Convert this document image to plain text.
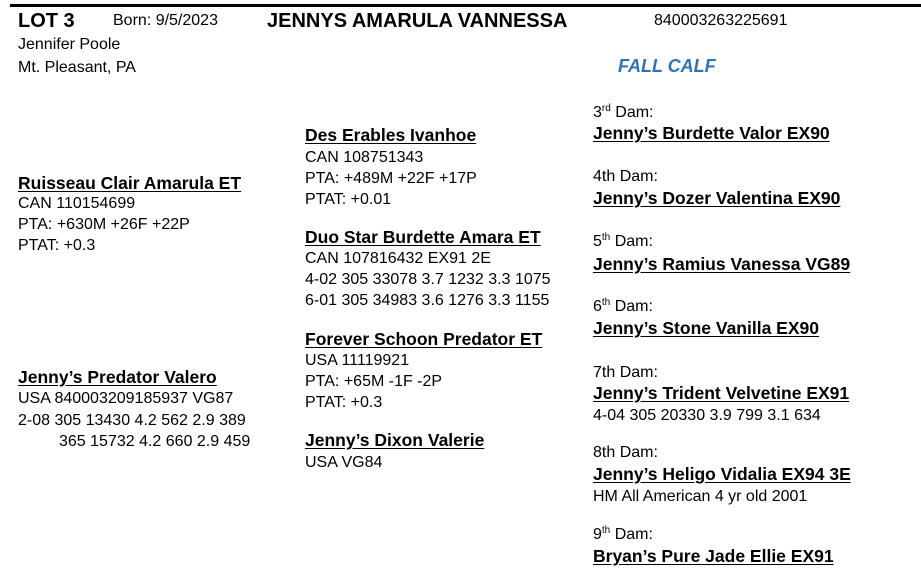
LOT 3 Born: 9/5/2023 JENNYS AMARULA VANNESSA	840003263225691
Jennifer Poole
Mt. Pleasant, PA	FALL CALF
Ruisseau Clair Amarula ET
CAN 110154699
PTA: +630M +26F +22P
PTAT: +0.3
Jenny’s Predator Valero
USA 840003209185937 VG87
2-08 305 13430 4.2 562 2.9 389
365 15732 4.2 660 2.9 459
Des Erables Ivanhoe
CAN 108751343
PTA: +489M +22F +17P
PTAT: +0.01
Duo Star Burdette Amara ET
CAN 107816432 EX91 2E
4-02 305 33078 3.7 1232 3.3 1075
6-01 305 34983 3.6 1276 3.3 1155
Forever Schoon Predator ET
USA 11119921
PTA: +65M -1F -2P
PTAT: +0.3
Jenny’s Dixon Valerie
USA VG84
3rd Dam:
Jenny’s Burdette Valor EX90
4th Dam:
Jenny’s Dozer Valentina EX90
5th Dam:
Jenny’s Ramius Vanessa VG89
6th Dam:
Jenny’s Stone Vanilla EX90
7th Dam:
Jenny’s Trident Velvetine EX91
4-04 305 20330 3.9 799 3.1 634
8th Dam:
Jenny’s Heligo Vidalia EX94 3E
HM All American 4 yr old 2001
9th Dam:
Bryan’s Pure Jade Ellie EX91
